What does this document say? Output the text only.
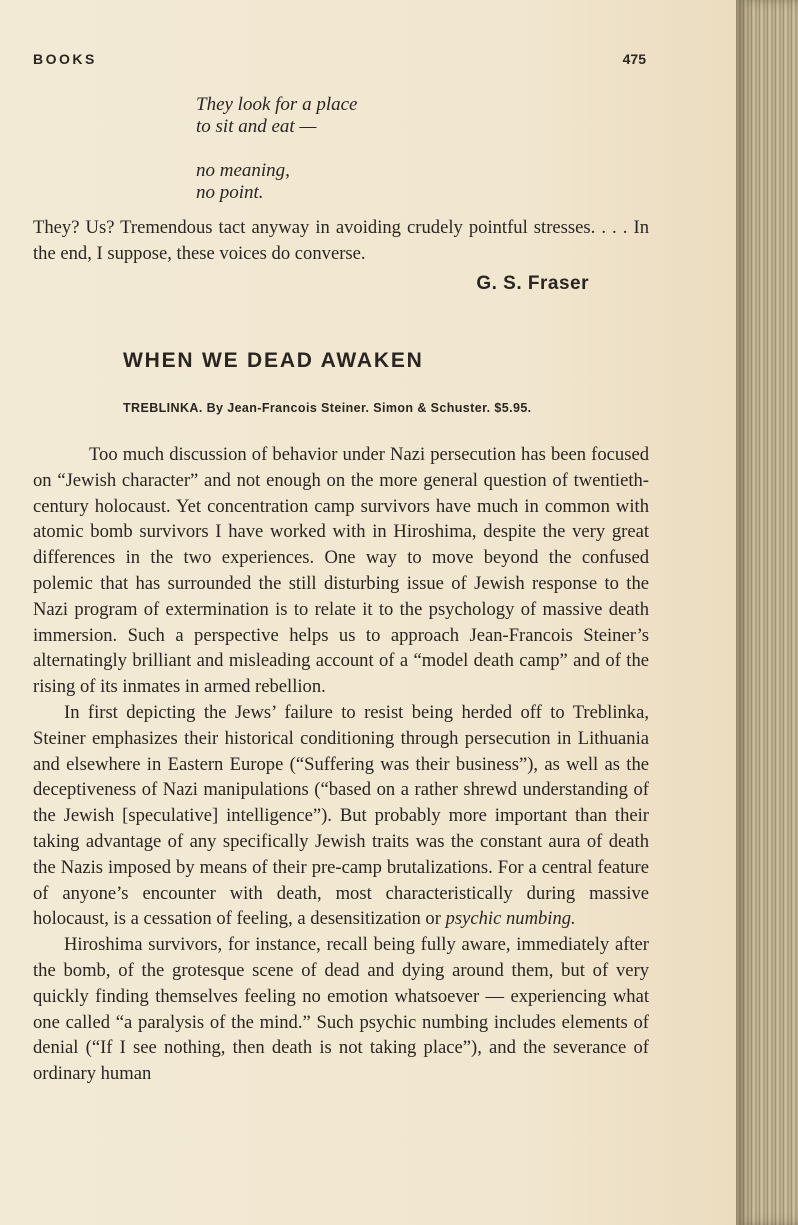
BOOKS	475
They look for a place
to sit and eat —
no meaning,
no point.
They? Us? Tremendous tact anyway in avoiding crudely pointful stresses. . . . In the end, I suppose, these voices do converse.
G. S. Fraser
WHEN WE DEAD AWAKEN
TREBLINKA. By Jean-Francois Steiner. Simon & Schuster. $5.95.

Too much discussion of behavior under Nazi persecution has been focused on “Jewish character” and not enough on the more general question of twentieth-century holocaust. Yet concentration camp survivors have much in common with atomic bomb survivors I have worked with in Hiroshima, despite the very great differences in the two experiences. One way to move beyond the confused polemic that has surrounded the still disturbing issue of Jewish response to the Nazi program of extermination is to relate it to the psychology of massive death immersion. Such a perspective helps us to approach Jean-Francois Steiner’s alternatingly brilliant and misleading account of a “model death camp” and of the rising of its inmates in armed rebellion.

In first depicting the Jews’ failure to resist being herded off to Treblinka, Steiner emphasizes their historical conditioning through persecution in Lithuania and elsewhere in Eastern Europe (“Suffering was their business”), as well as the deceptiveness of Nazi manipulations (“based on a rather shrewd understanding of the Jewish [speculative] intelligence”). But probably more important than their taking advantage of any specifically Jewish traits was the constant aura of death the Nazis imposed by means of their pre-camp brutalizations. For a central feature of anyone’s encounter with death, most characteristically during massive holocaust, is a cessation of feeling, a desensitization or psychic numbing.

Hiroshima survivors, for instance, recall being fully aware, immediately after the bomb, of the grotesque scene of dead and dying around them, but of very quickly finding themselves feeling no emotion whatsoever — experiencing what one called “a paralysis of the mind.” Such psychic numbing includes elements of denial (“If I see nothing, then death is not taking place”), and the severance of ordinary human
